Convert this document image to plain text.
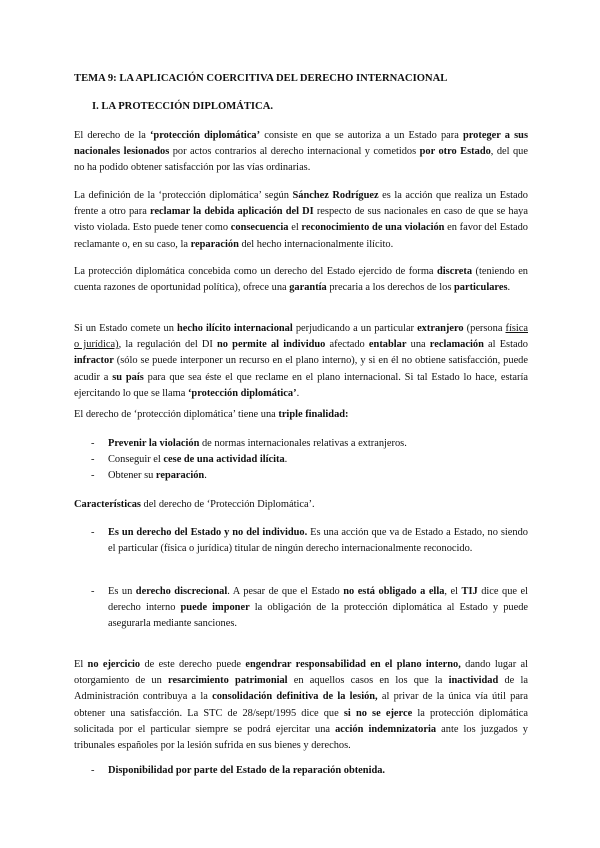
TEMA 9: LA APLICACIÓN COERCITIVA DEL DERECHO INTERNACIONAL
I. LA PROTECCIÓN DIPLOMÁTICA.
El derecho de la ‘protección diplomática’ consiste en que se autoriza a un Estado para proteger a sus nacionales lesionados por actos contrarios al derecho internacional y cometidos por otro Estado, del que no ha podido obtener satisfacción por las vías ordinarias.
La definición de la ‘protección diplomática’ según Sánchez Rodríguez es la acción que realiza un Estado frente a otro para reclamar la debida aplicación del DI respecto de sus nacionales en caso de que se haya visto violada. Esto puede tener como consecuencia el reconocimiento de una violación en favor del Estado reclamante o, en su caso, la reparación del hecho internacionalmente ilícito.
La protección diplomática concebida como un derecho del Estado ejercido de forma discreta (teniendo en cuenta razones de oportunidad política), ofrece una garantía precaria a los derechos de los particulares.
Si un Estado comete un hecho ilícito internacional perjudicando a un particular extranjero (persona física o jurídica), la regulación del DI no permite al individuo afectado entablar una reclamación al Estado infractor (sólo se puede interponer un recurso en el plano interno), y si en él no obtiene satisfacción, puede acudir a su país para que sea éste el que reclame en el plano internacional. Si tal Estado lo hace, estaría ejercitando lo que se llama ‘protección diplomática’.
El derecho de ‘protección diplomática’ tiene una triple finalidad:
- Prevenir la violación de normas internacionales relativas a extranjeros.
- Conseguir el cese de una actividad ilícita.
- Obtener su reparación.
Características del derecho de ‘Protección Diplomática’.
- Es un derecho del Estado y no del individuo. Es una acción que va de Estado a Estado, no siendo el particular (física o jurídica) titular de ningún derecho internacionalmente reconocido.
- Es un derecho discrecional. A pesar de que el Estado no está obligado a ella, el TIJ dice que el derecho interno puede imponer la obligación de la protección diplomática al Estado y puede asegurarla mediante sanciones.
El no ejercicio de este derecho puede engendrar responsabilidad en el plano interno, dando lugar al otorgamiento de un resarcimiento patrimonial en aquellos casos en los que la inactividad de la Administración contribuya a la consolidación definitiva de la lesión, al privar de la única vía útil para obtener una satisfacción. La STC de 28/sept/1995 dice que si no se ejerce la protección diplomática solicitada por el particular siempre se podrá ejercitar una acción indemnizatoria ante los juzgados y tribunales españoles por la lesión sufrida en sus bienes y derechos.
- Disponibilidad por parte del Estado de la reparación obtenida.
